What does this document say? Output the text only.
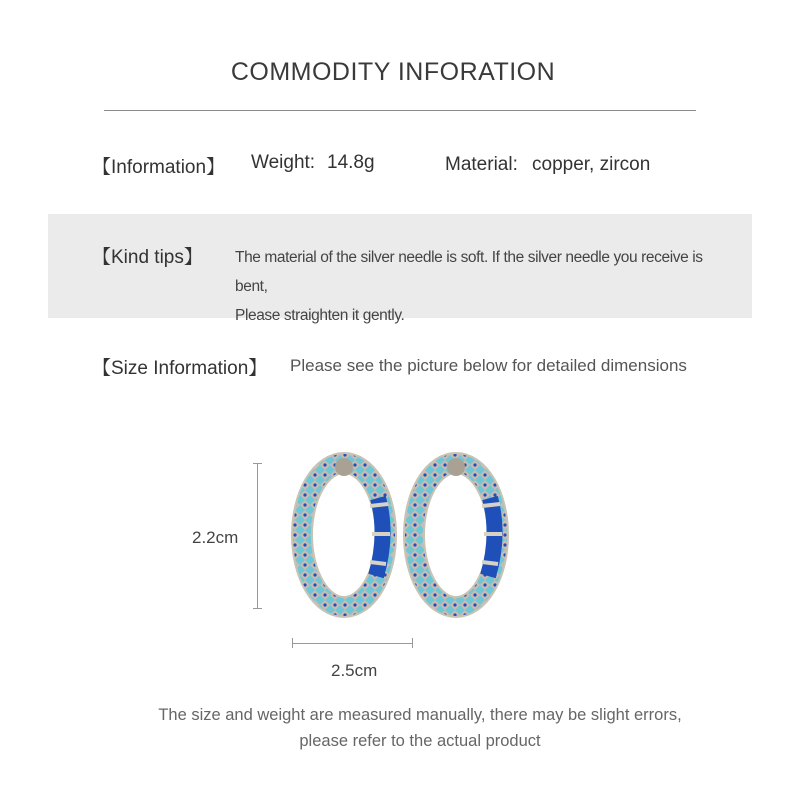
COMMODITY INFORATION
【Information】 Weight: 14.8g	Material: copper, zircon
【Kind tips】 The material of the silver needle is soft. If the silver needle you receive is bent,
Please straighten it gently.
【Size Information】 Please see the picture below for detailed dimensions
2.2cm
2.5cm
The size and weight are measured manually, there may be slight errors,
please refer to the actual product
